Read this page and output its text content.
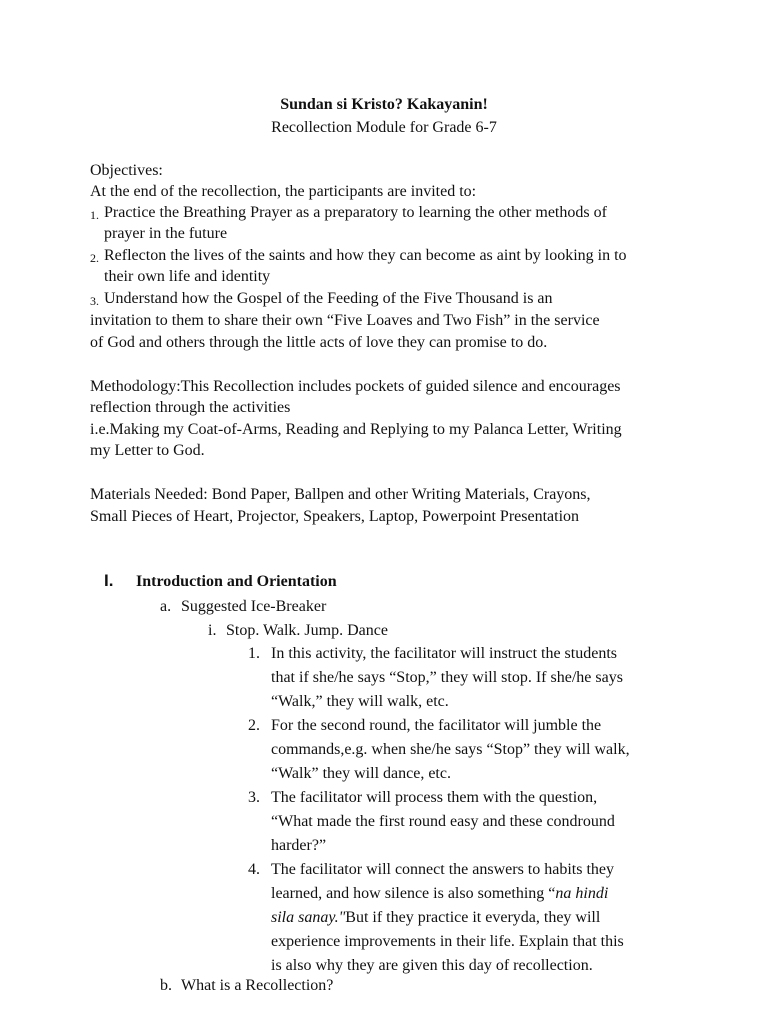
Sundan si Kristo? Kakayanin!
Recollection Module for Grade 6-7
Objectives:
At the end of the recollection, the participants are invited to:
1. Practice the Breathing Prayer as a preparatory to learning the other methods of
prayer in the future
2. Reflecton the lives of the saints and how they can become as aint by looking in to
their own life and identity
3. Understand how the Gospel of the Feeding of the Five Thousand is an
invitation to them to share their own “Five Loaves and Two Fish” in the service
of God and others through the little acts of love they can promise to do.
Methodology:This Recollection includes pockets of guided silence and encourages
reflection through the activities
i.e.Making my Coat-of-Arms, Reading and Replying to my Palanca Letter, Writing
my Letter to God.
Materials Needed: Bond Paper, Ballpen and other Writing Materials, Crayons,
Small Pieces of Heart, Projector, Speakers, Laptop, Powerpoint Presentation
I. Introduction and Orientation
a. Suggested Ice-Breaker
i. Stop. Walk. Jump. Dance
1. In this activity, the facilitator will instruct the students
that if she/he says “Stop,” they will stop. If she/he says
“Walk,” they will walk, etc.
2. For the second round, the facilitator will jumble the
commands,e.g. when she/he says “Stop” they will walk,
“Walk” they will dance, etc.
3. The facilitator will process them with the question,
“What made the first round easy and these condround
harder?”
4. The facilitator will connect the answers to habits they
learned, and how silence is also something “na hindi
sila sanay."But if they practice it everyda, they will
experience improvements in their life. Explain that this
is also why they are given this day of recollection.
b. What is a Recollection?
